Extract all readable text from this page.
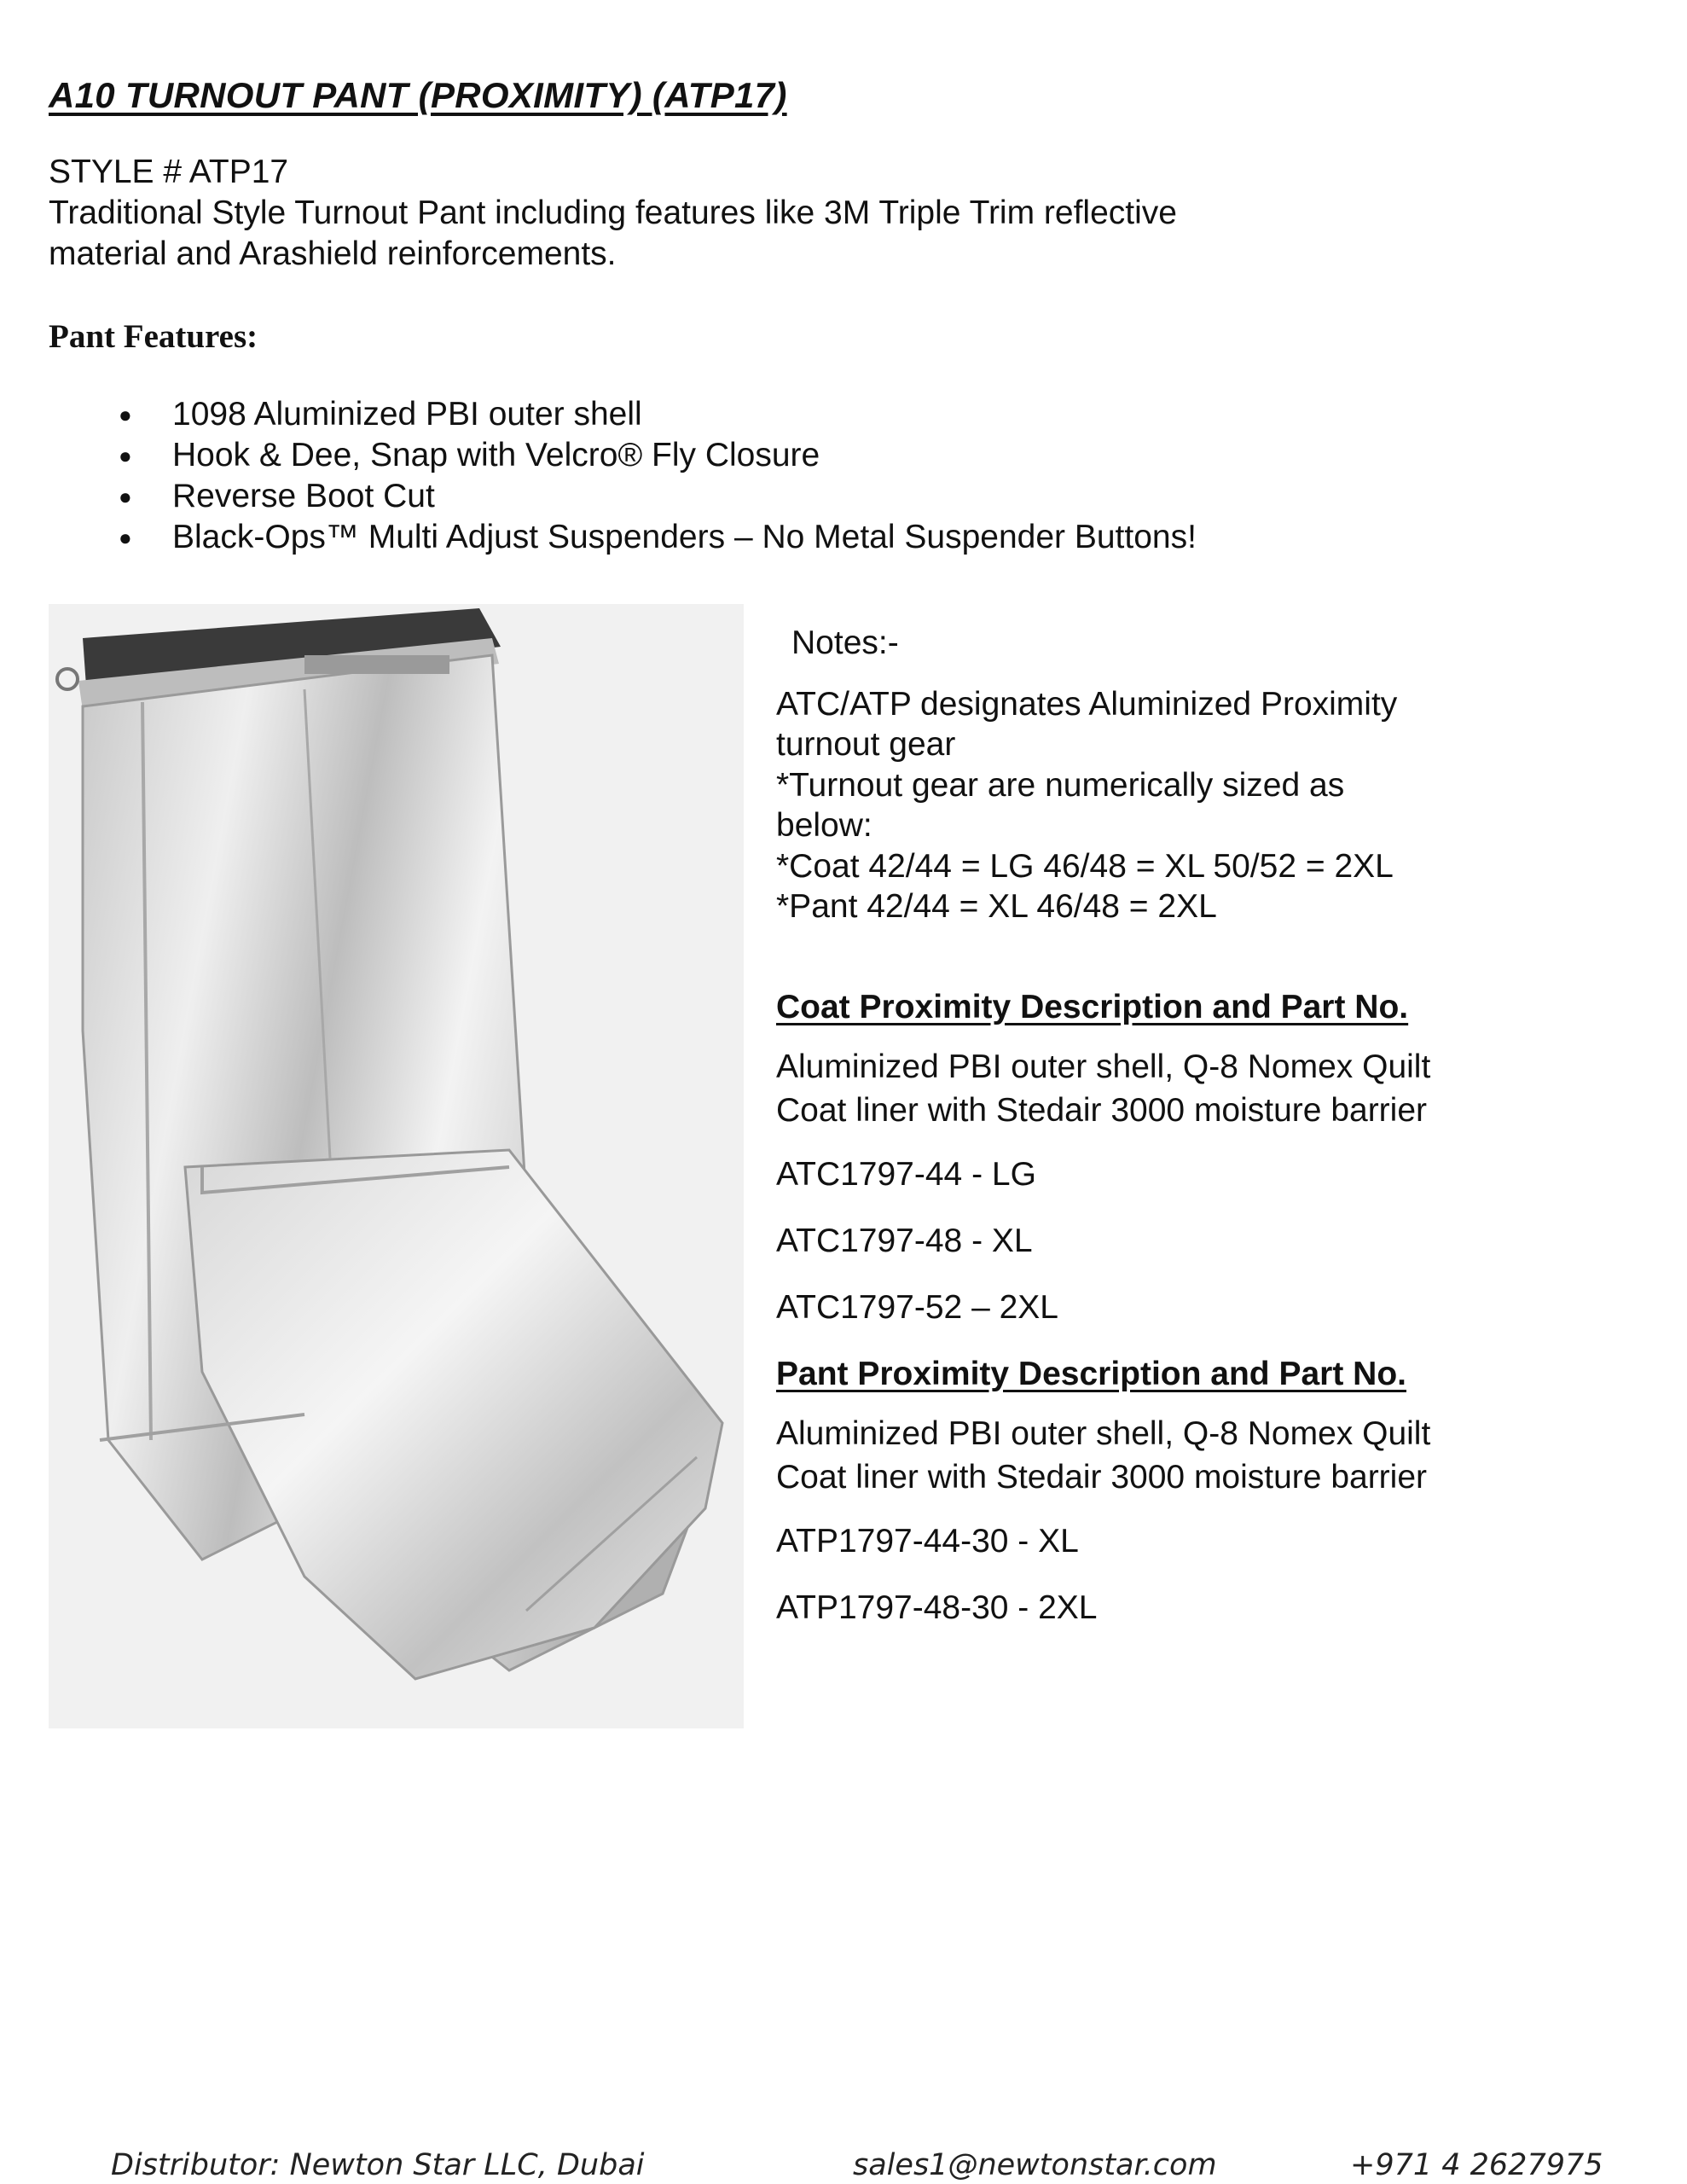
A10 TURNOUT PANT (PROXIMITY) (ATP17)
STYLE # ATP17
Traditional Style Turnout Pant including features like 3M Triple Trim reflective
material and Arashield reinforcements.
Pant Features:
● 1098 Aluminized PBI outer shell
● Hook & Dee, Snap with Velcro® Fly Closure
● Reverse Boot Cut
● Black-Ops™ Multi Adjust Suspenders – No Metal Suspender Buttons!
Notes:-
ATC/ATP designates Aluminized Proximity
turnout gear
*Turnout gear are numerically sized as
below:
*Coat 42/44 = LG 46/48 = XL 50/52 = 2XL
*Pant 42/44 = XL 46/48 = 2XL
Coat Proximity Description and Part No.
Aluminized PBI outer shell, Q-8 Nomex Quilt
Coat liner with Stedair 3000 moisture barrier
ATC1797-44 - LG
ATC1797-48 - XL
ATC1797-52 – 2XL
Pant Proximity Description and Part No.
Aluminized PBI outer shell, Q-8 Nomex Quilt
Coat liner with Stedair 3000 moisture barrier
ATP1797-44-30 - XL
ATP1797-48-30 - 2XL
Distributor: Newton Star LLC, Dubai	sales1@newtonstar.com	+971 4 2627975
